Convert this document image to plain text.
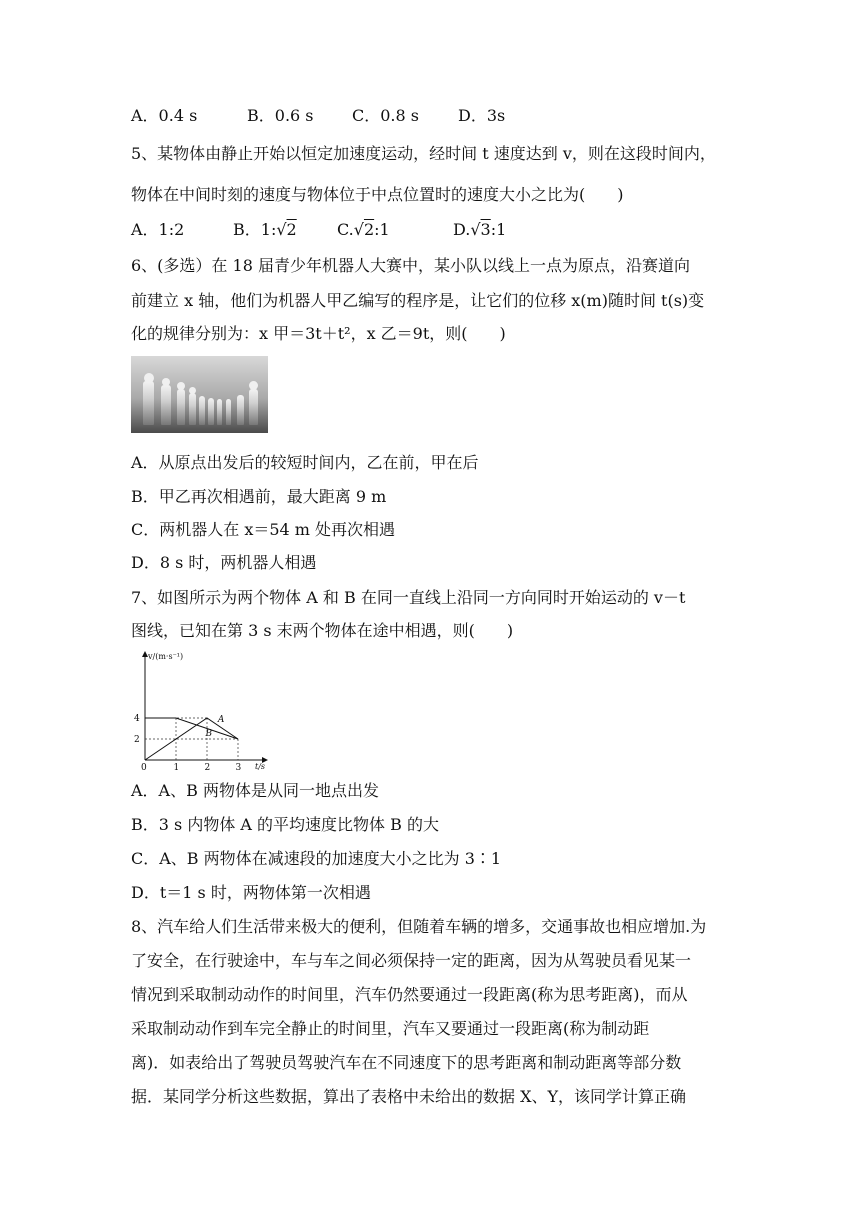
A．0.4 s	B．0.6 s	C．0.8 s	D．3s
5、某物体由静止开始以恒定加速度运动，经时间 t 速度达到 v，则在这段时间内，
物体在中间时刻的速度与物体位于中点位置时的速度大小之比为(　　)
A．1:2	B．1:√2	C.√2:1	D.√3:1
6、(多选）在 18 届青少年机器人大赛中，某小队以线上一点为原点，沿赛道向
前建立 x 轴，他们为机器人甲乙编写的程序是，让它们的位移 x(m)随时间 t(s)变
化的规律分别为：x 甲＝3t＋t²，x 乙＝9t，则(　　)
A．从原点出发后的较短时间内，乙在前，甲在后
B．甲乙再次相遇前，最大距离 9 m
C．两机器人在 x＝54 m 处再次相遇
D．8 s 时，两机器人相遇
7、如图所示为两个物体 A 和 B 在同一直线上沿同一方向同时开始运动的 v－t
图线，已知在第 3 s 末两个物体在途中相遇，则(　　)
v/(m·s⁻¹)
t/s
0	1	2	3
2
4	A
B
A．A、B 两物体是从同一地点出发
B．3 s 内物体 A 的平均速度比物体 B 的大
C．A、B 两物体在减速段的加速度大小之比为 3∶1
D．t＝1 s 时，两物体第一次相遇
8、汽车给人们生活带来极大的便利，但随着车辆的增多，交通事故也相应增加.为
了安全，在行驶途中，车与车之间必须保持一定的距离，因为从驾驶员看见某一
情况到采取制动动作的时间里，汽车仍然要通过一段距离(称为思考距离)，而从
采取制动动作到车完全静止的时间里，汽车又要通过一段距离(称为制动距
离)．如表给出了驾驶员驾驶汽车在不同速度下的思考距离和制动距离等部分数
据．某同学分析这些数据，算出了表格中未给出的数据 X、Y，该同学计算正确
